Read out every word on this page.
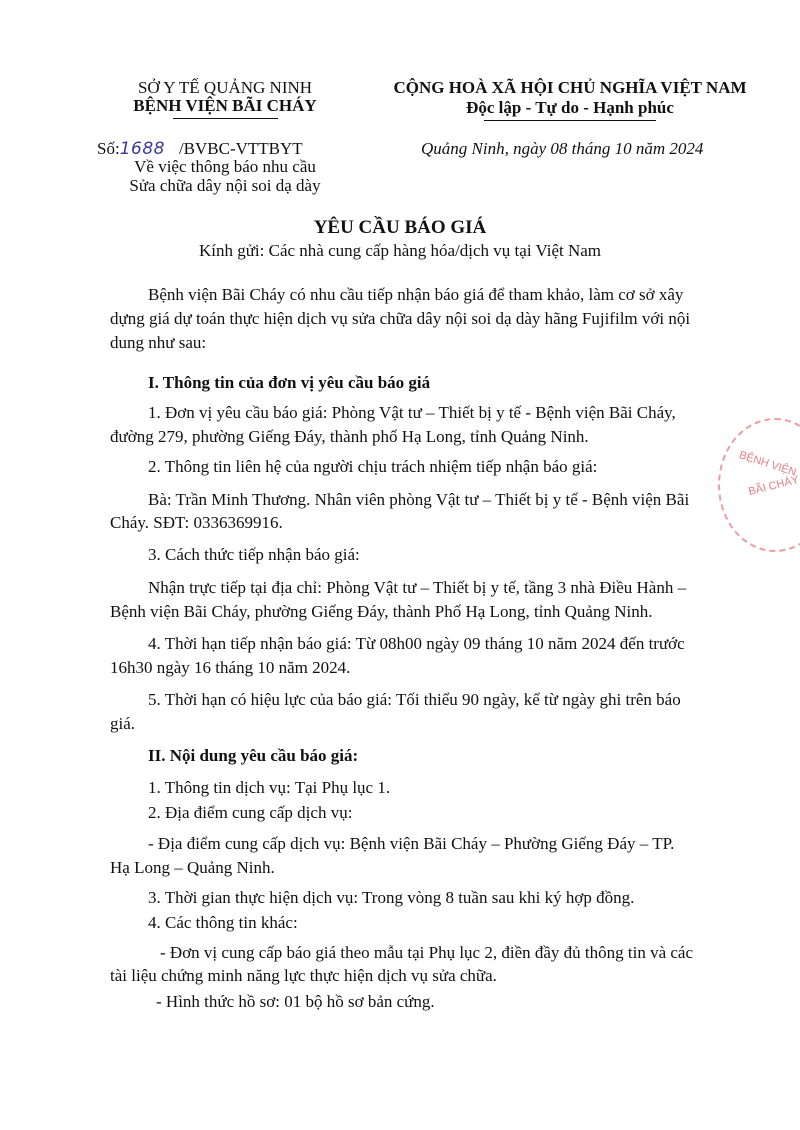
SỞ Y TẾ QUẢNG NINH
BỆNH VIỆN BÃI CHÁY
CỘNG HOÀ XÃ HỘI CHỦ NGHĨA VIỆT NAM
Độc lập - Tự do - Hạnh phúc
Số:1688 /BVBC-VTTBYT
Về việc thông báo nhu cầu
Sửa chữa dây nội soi dạ dày
Quảng Ninh, ngày 08 tháng 10 năm 2024
YÊU CẦU BÁO GIÁ
Kính gửi: Các nhà cung cấp hàng hóa/dịch vụ tại Việt Nam
Bệnh viện Bãi Cháy có nhu cầu tiếp nhận báo giá để tham khảo, làm cơ sở xây
dựng giá dự toán thực hiện dịch vụ sửa chữa dây nội soi dạ dày hãng Fujifilm với nội
dung như sau:
I. Thông tin của đơn vị yêu cầu báo giá
1. Đơn vị yêu cầu báo giá: Phòng Vật tư – Thiết bị y tế - Bệnh viện Bãi Cháy,
đường 279, phường Giếng Đáy, thành phố Hạ Long, tỉnh Quảng Ninh.
2. Thông tin liên hệ của người chịu trách nhiệm tiếp nhận báo giá:
Bà: Trần Minh Thương. Nhân viên phòng Vật tư – Thiết bị y tế - Bệnh viện Bãi
Cháy. SĐT: 0336369916.
3. Cách thức tiếp nhận báo giá:
Nhận trực tiếp tại địa chỉ: Phòng Vật tư – Thiết bị y tế, tầng 3 nhà Điều Hành –
Bệnh viện Bãi Cháy, phường Giếng Đáy, thành Phố Hạ Long, tỉnh Quảng Ninh.
4. Thời hạn tiếp nhận báo giá: Từ 08h00 ngày 09 tháng 10 năm 2024 đến trước
16h30 ngày 16 tháng 10 năm 2024.
5. Thời hạn có hiệu lực của báo giá: Tối thiểu 90 ngày, kể từ ngày ghi trên báo
giá.
II. Nội dung yêu cầu báo giá:
1. Thông tin dịch vụ: Tại Phụ lục 1.
2. Địa điểm cung cấp dịch vụ:
- Địa điểm cung cấp dịch vụ: Bệnh viện Bãi Cháy – Phường Giếng Đáy – TP.
Hạ Long – Quảng Ninh.
3. Thời gian thực hiện dịch vụ: Trong vòng 8 tuần sau khi ký hợp đồng.
4. Các thông tin khác:
- Đơn vị cung cấp báo giá theo mẫu tại Phụ lục 2, điền đầy đủ thông tin và các
tài liệu chứng minh năng lực thực hiện dịch vụ sửa chữa.
- Hình thức hồ sơ: 01 bộ hồ sơ bản cứng.
BỆNH VIỆN
BÃI CHÁY
